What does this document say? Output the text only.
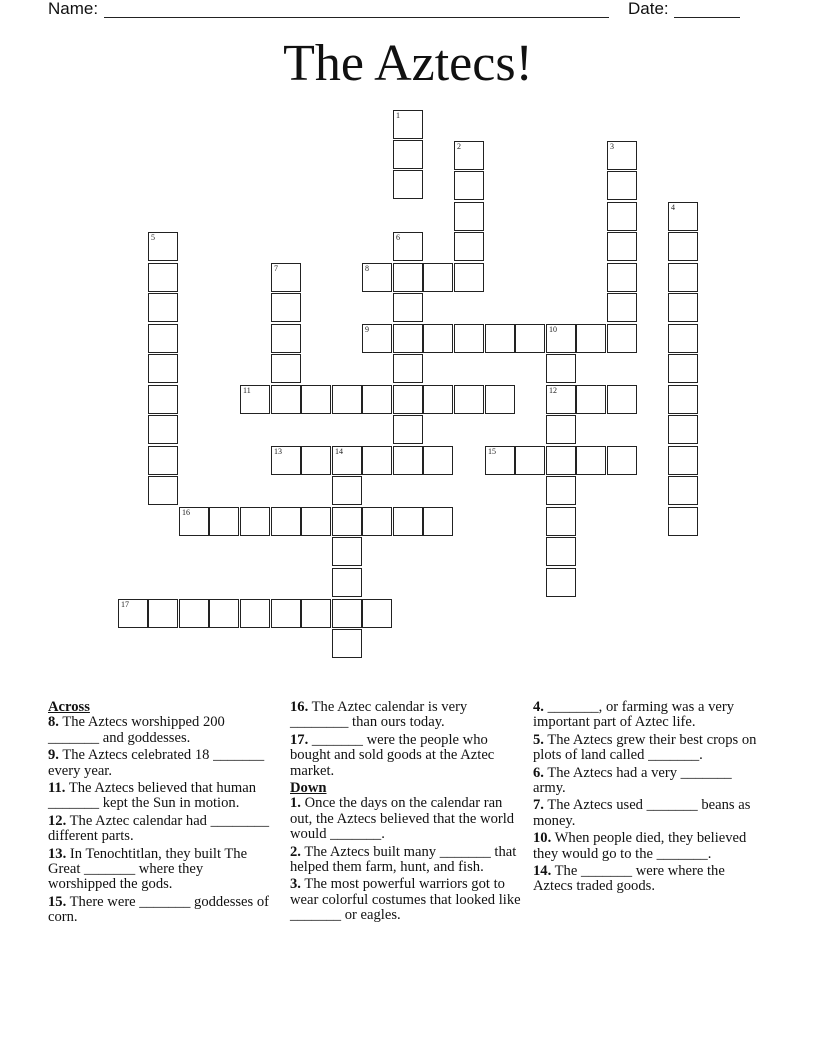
Name:	Date:
The Aztecs!
1
2	3
4
5	6
7	8
9	10
11	12
13	14	15
16
17
Across
8. The Aztecs worshipped 200 _______ and goddesses.
9. The Aztecs celebrated 18 _______ every year.
11. The Aztecs believed that human _______ kept the Sun in motion.
12. The Aztec calendar had ________ different parts.
13. In Tenochtitlan, they built The Great _______ where they worshipped the gods.
15. There were _______ goddesses of corn.
16. The Aztec calendar is very ________ than ours today.
17. _______ were the people who bought and sold goods at the Aztec market.
Down
1. Once the days on the calendar ran out, the Aztecs believed that the world would _______.
2. The Aztecs built many _______ that helped them farm, hunt, and fish.
3. The most powerful warriors got to wear colorful costumes that looked like _______ or eagles.
4. _______, or farming was a very important part of Aztec life.
5. The Aztecs grew their best crops on plots of land called _______.
6. The Aztecs had a very _______ army.
7. The Aztecs used _______ beans as money.
10. When people died, they believed they would go to the _______.
14. The _______ were where the Aztecs traded goods.
